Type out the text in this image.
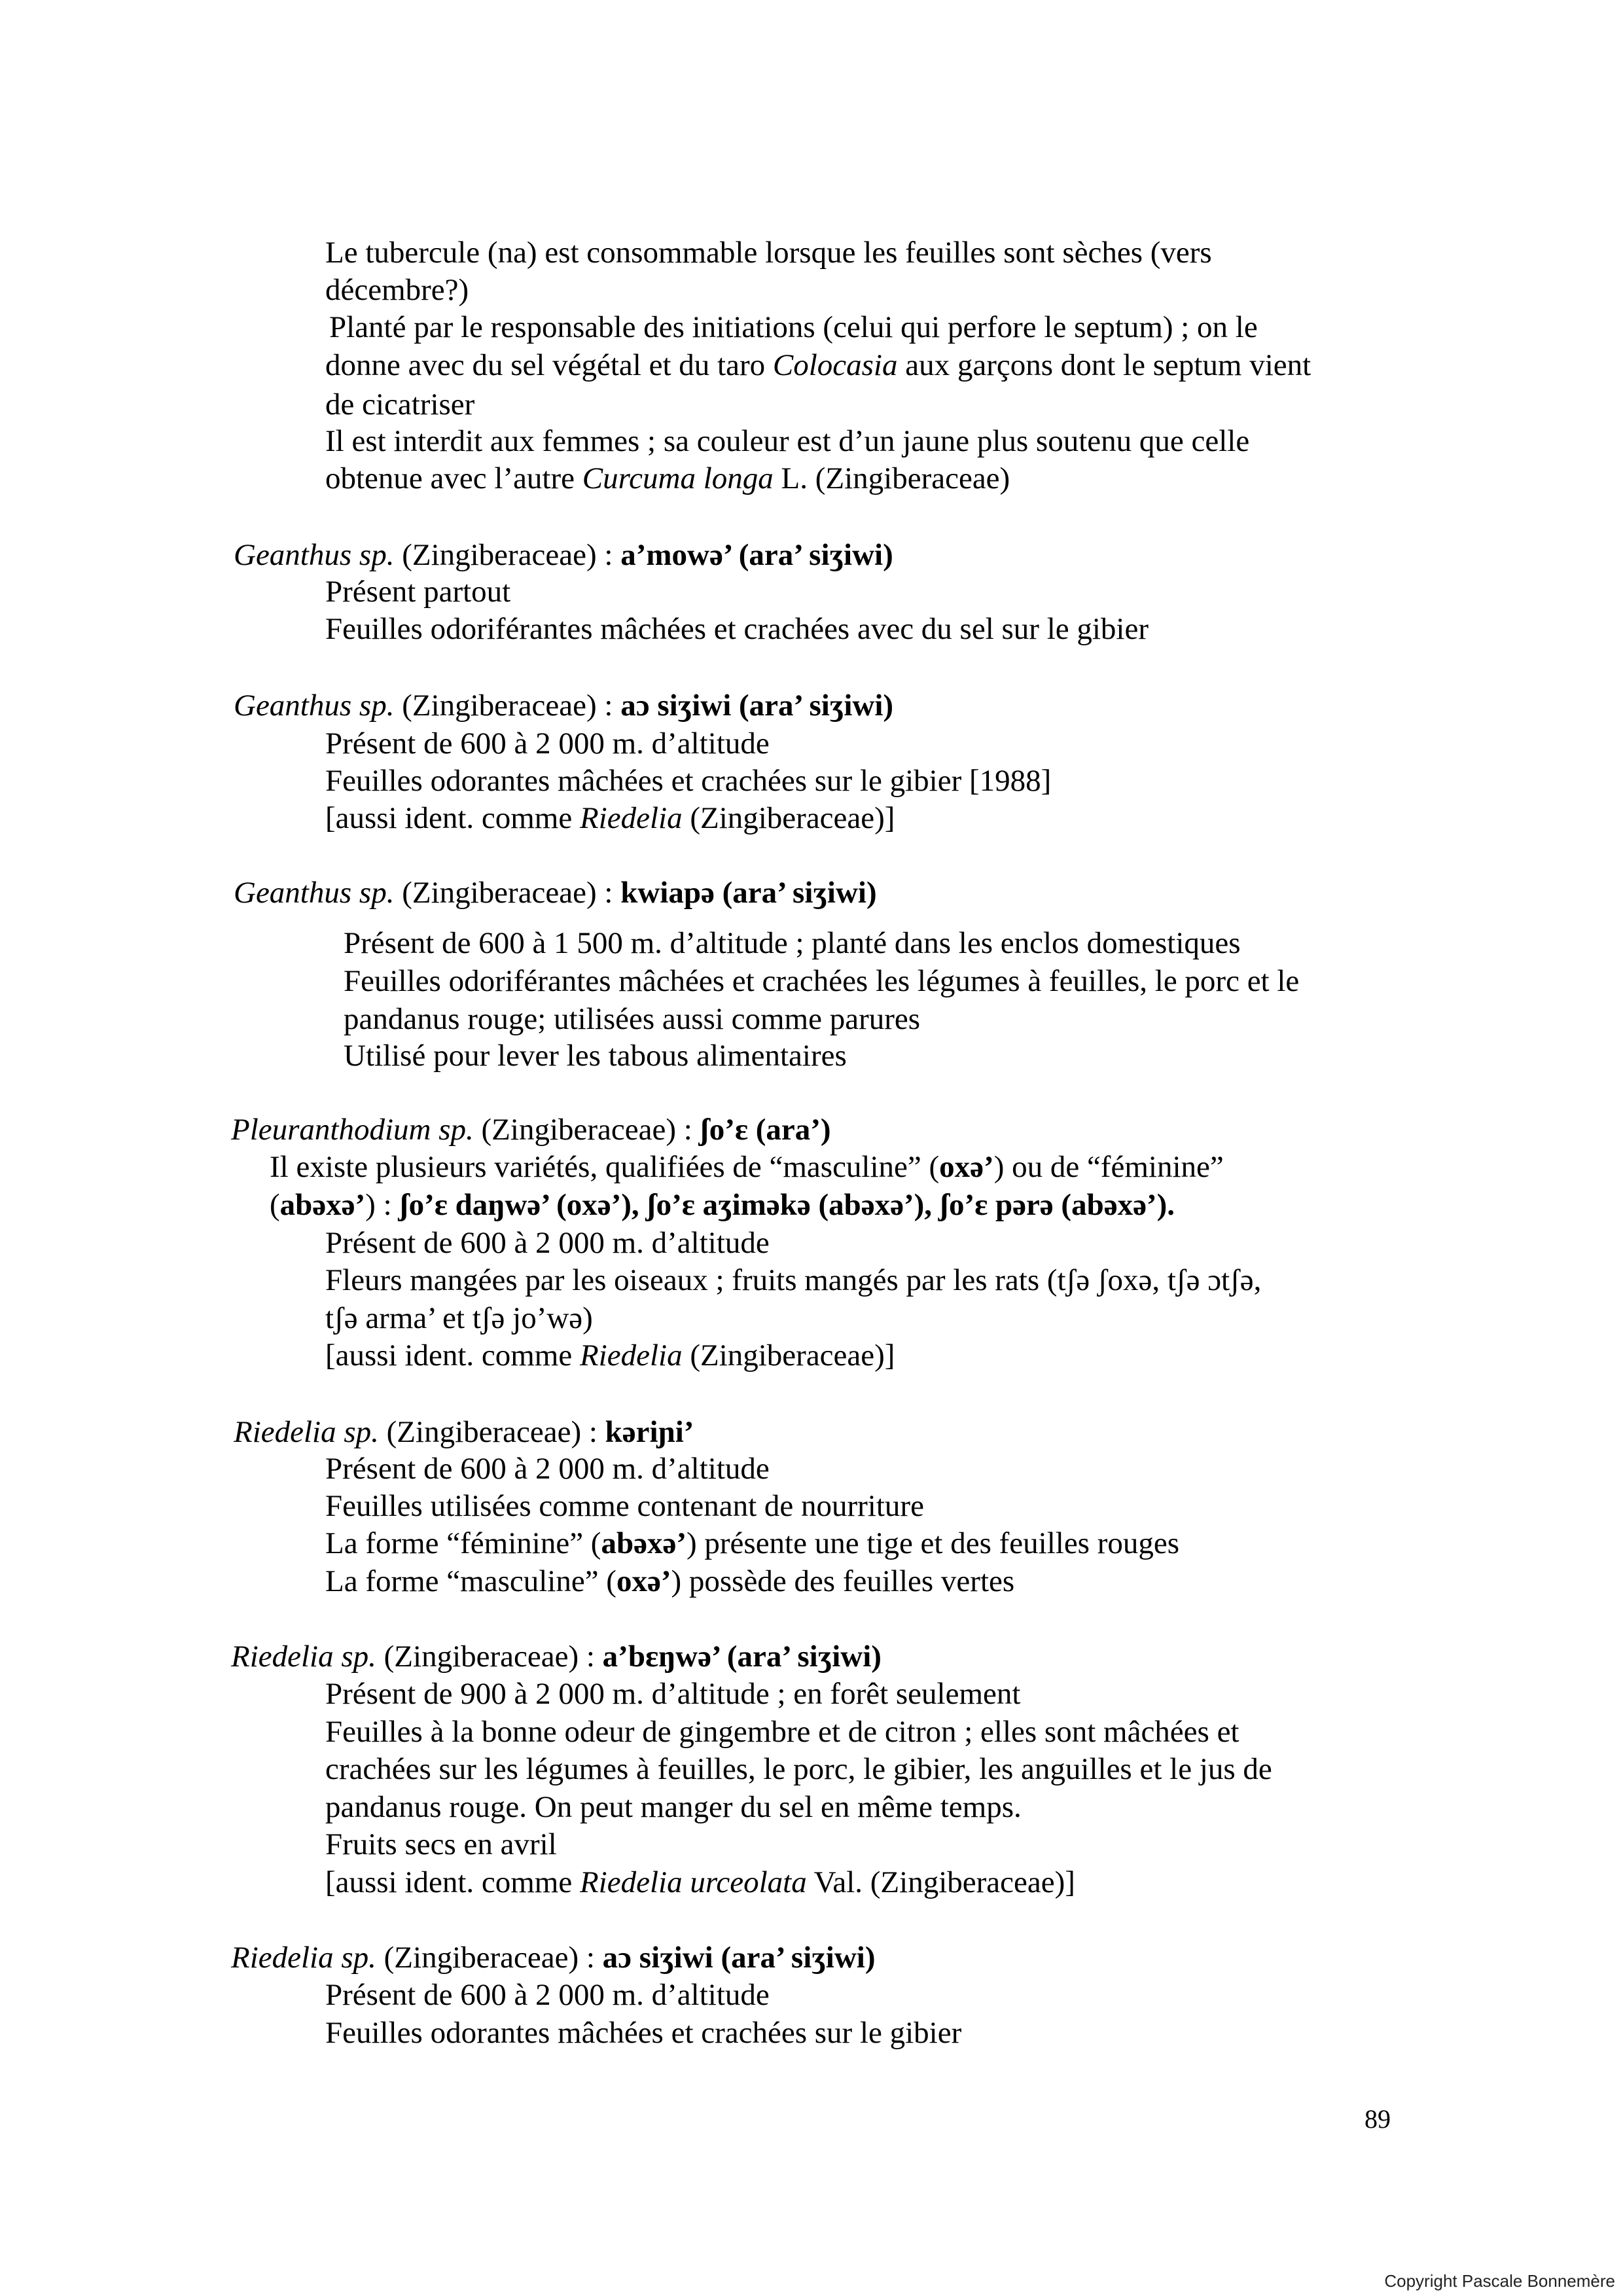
Le tubercule (na) est consommable lorsque les feuilles sont sèches (vers
décembre?)
Planté par le responsable des initiations (celui qui perfore le septum) ; on le
donne avec du sel végétal et du taro Colocasia aux garçons dont le septum vient
de cicatriser
Il est interdit aux femmes ; sa couleur est d’un jaune plus soutenu que celle
obtenue avec l’autre Curcuma longa L. (Zingiberaceae)
Geanthus sp. (Zingiberaceae) : a’mowə’ (ara’ siʒiwi)
Présent partout
Feuilles odoriférantes mâchées et crachées avec du sel sur le gibier
Geanthus sp. (Zingiberaceae) : aɔ siʒiwi (ara’ siʒiwi)
Présent de 600 à 2 000 m. d’altitude
Feuilles odorantes mâchées et crachées sur le gibier [1988]
[aussi ident. comme Riedelia (Zingiberaceae)]
Geanthus sp. (Zingiberaceae) : kwiapə (ara’ siʒiwi)
Présent de 600 à 1 500 m. d’altitude ; planté dans les enclos domestiques
Feuilles odoriférantes mâchées et crachées les légumes à feuilles, le porc et le
pandanus rouge; utilisées aussi comme parures
Utilisé pour lever les tabous alimentaires
Pleuranthodium sp. (Zingiberaceae) : ʃo’ɛ (ara’)
Il existe plusieurs variétés, qualifiées de “masculine” (oxə’) ou de “féminine”
(abəxə’) : ʃo’ɛ daŋwə’ (oxə’), ʃo’ɛ aʒiməkə (abəxə’), ʃo’ɛ pərə (abəxə’).
Présent de 600 à 2 000 m. d’altitude
Fleurs mangées par les oiseaux ; fruits mangés par les rats (tʃə ʃoxə, tʃə ɔtʃə,
tʃə arma’ et tʃə jo’wə)
[aussi ident. comme Riedelia (Zingiberaceae)]
Riedelia sp. (Zingiberaceae) : kəriɲi’
Présent de 600 à 2 000 m. d’altitude
Feuilles utilisées comme contenant de nourriture
La forme “féminine” (abəxə’) présente une tige et des feuilles rouges
La forme “masculine” (oxə’) possède des feuilles vertes
Riedelia sp. (Zingiberaceae) : a’bɛŋwə’ (ara’ siʒiwi)
Présent de 900 à 2 000 m. d’altitude ; en forêt seulement
Feuilles à la bonne odeur de gingembre et de citron ; elles sont mâchées et
crachées sur les légumes à feuilles, le porc, le gibier, les anguilles et le jus de
pandanus rouge. On peut manger du sel en même temps.
Fruits secs en avril
[aussi ident. comme Riedelia urceolata Val. (Zingiberaceae)]
Riedelia sp. (Zingiberaceae) : aɔ siʒiwi (ara’ siʒiwi)
Présent de 600 à 2 000 m. d’altitude
Feuilles odorantes mâchées et crachées sur le gibier
89
Copyright Pascale Bonnemère
